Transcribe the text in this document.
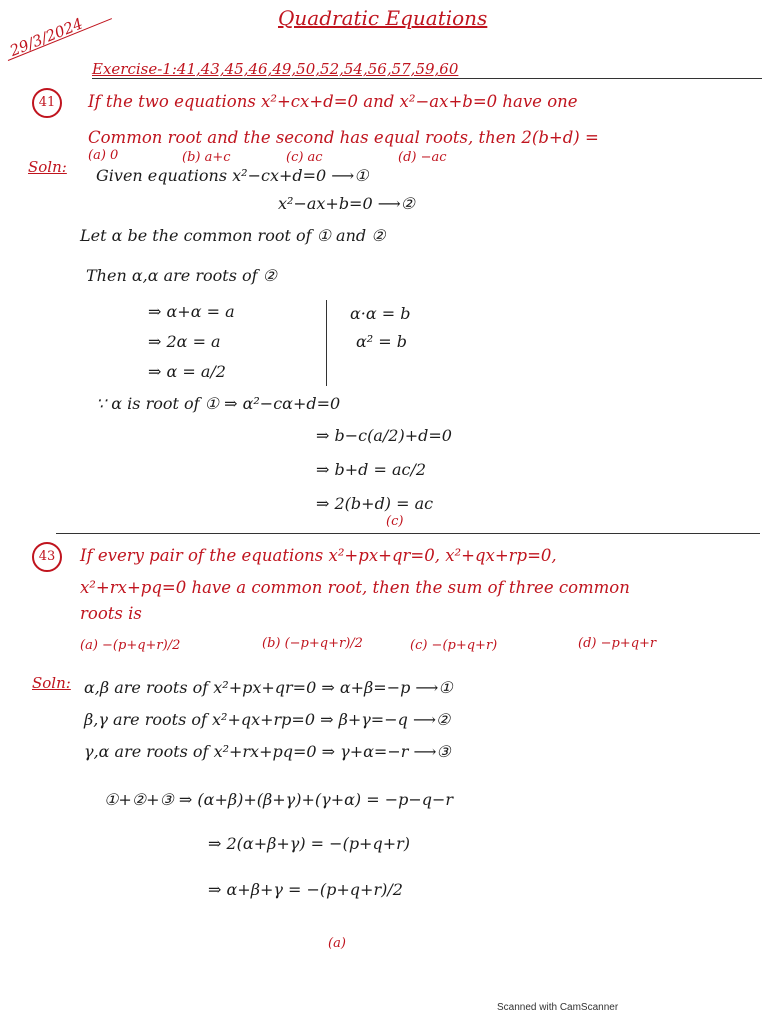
Quadratic Equations
29/3/2024
Exercise-1:41,43,45,46,49,50,52,54,56,57,59,60
41	If the two equations x²+cx+d=0 and x²−ax+b=0 have one
Common root and the second has equal roots, then 2(b+d) =
(a) 0	(b) a+c	(c) ac	(d) −ac
Soln: Given equations x²−cx+d=0 ⟶①
x²−ax+b=0 ⟶②
Let α be the common root of ① and ②
Then α,α are roots of ②
⇒ α+α = a
⇒ 2α = a
⇒ α = a/2
α·α = b
α² = b
∵ α is root of ① ⇒ α²−cα+d=0
⇒ b−c(a/2)+d=0
⇒ b+d = ac/2
⇒ 2(b+d) = ac
(c)
43	If every pair of the equations x²+px+qr=0, x²+qx+rp=0,
x²+rx+pq=0 have a common root, then the sum of three common
roots is
(a) −(p+q+r)/2	(b) (−p+q+r)/2	(c) −(p+q+r)	(d) −p+q+r
Soln: α,β are roots of x²+px+qr=0 ⇒ α+β=−p ⟶①
β,γ are roots of x²+qx+rp=0 ⇒ β+γ=−q ⟶②
γ,α are roots of x²+rx+pq=0 ⇒ γ+α=−r ⟶③
①+②+③ ⇒ (α+β)+(β+γ)+(γ+α) = −p−q−r
⇒ 2(α+β+γ) = −(p+q+r)
⇒ α+β+γ = −(p+q+r)/2
(a)
Scanned with CamScanner
